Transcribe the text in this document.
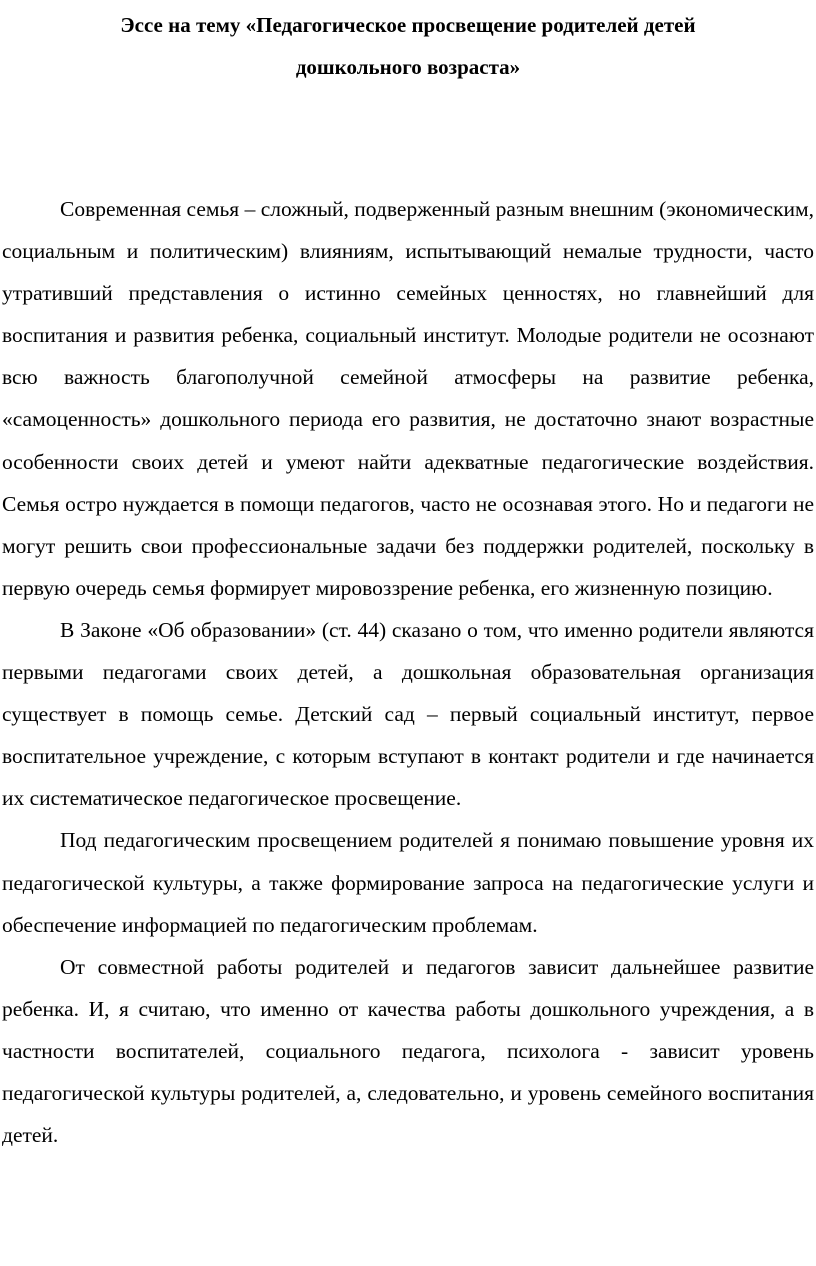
Эссе на тему «Педагогическое просвещение родителей детей
дошкольного возраста»

Современная семья – сложный, подверженный разным внешним (экономическим, социальным и политическим) влияниям, испытывающий немалые трудности, часто утративший представления о истинно семейных ценностях, но главнейший для воспитания и развития ребенка, социальный институт. Молодые родители не осознают всю важность благополучной семейной атмосферы на развитие ребенка, «самоценность» дошкольного периода его развития, не достаточно знают возрастные особенности своих детей и умеют найти адекватные педагогические воздействия. Семья остро нуждается в помощи педагогов, часто не осознавая этого. Но и педагоги не могут решить свои профессиональные задачи без поддержки родителей, поскольку в первую очередь семья формирует мировоззрение ребенка, его жизненную позицию.

В Законе «Об образовании» (ст. 44) сказано о том, что именно родители являются первыми педагогами своих детей, а дошкольная образовательная организация существует в помощь семье. Детский сад – первый социальный институт, первое воспитательное учреждение, с которым вступают в контакт родители и где начинается их систематическое педагогическое просвещение.

Под педагогическим просвещением родителей я понимаю повышение уровня их педагогической культуры, а также формирование запроса на педагогические услуги и обеспечение информацией по педагогическим проблемам.

От совместной работы родителей и педагогов зависит дальнейшее развитие ребенка. И, я считаю, что именно от качества работы дошкольного учреждения, а в частности воспитателей, социального педагога, психолога - зависит уровень педагогической культуры родителей, а, следовательно, и уровень семейного воспитания детей.
